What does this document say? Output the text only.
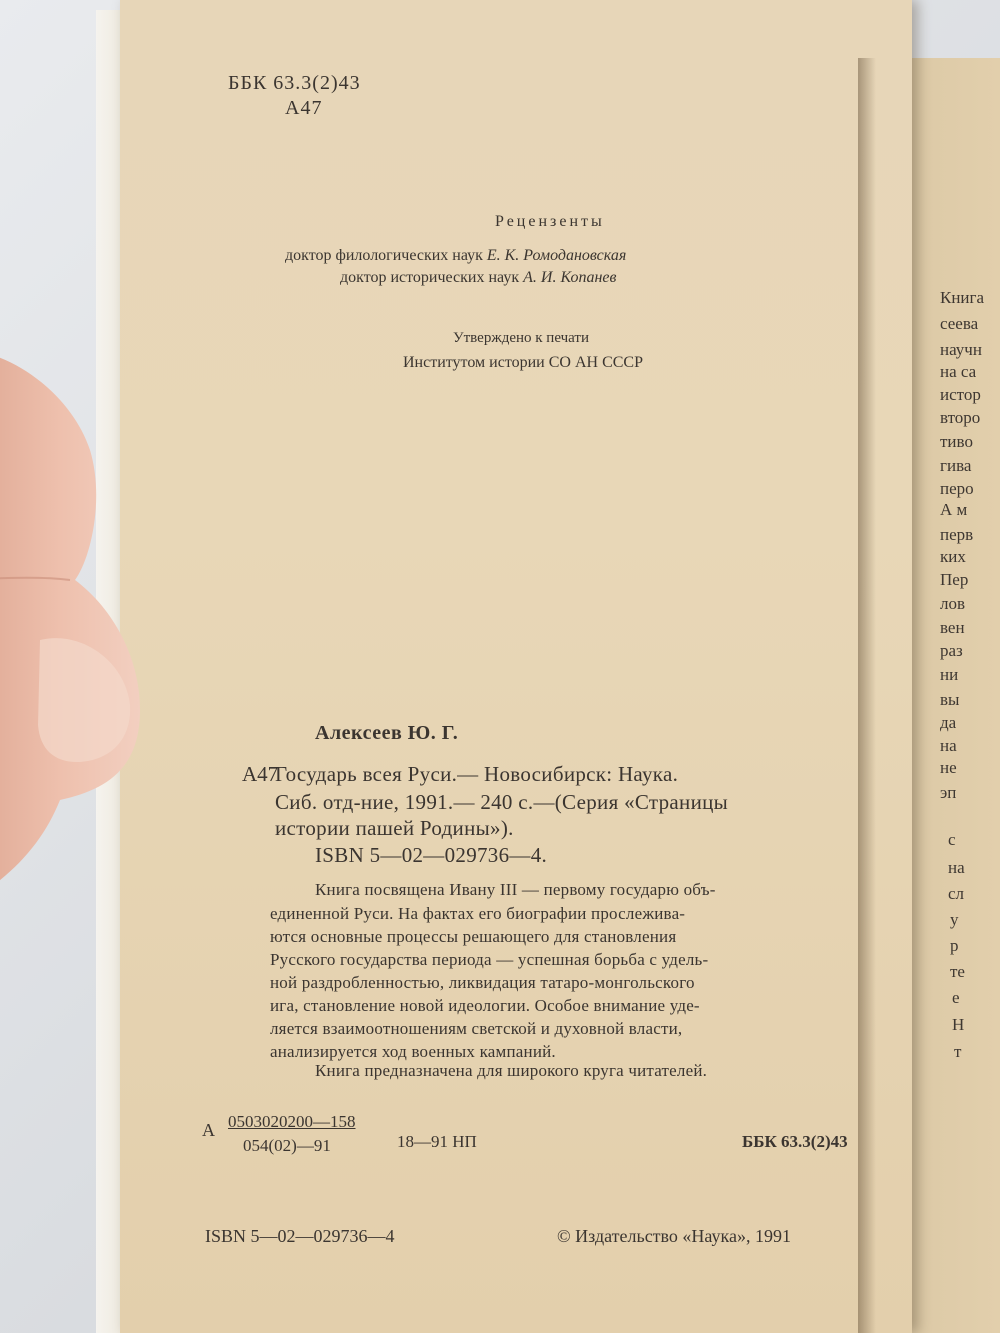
Книга
сеева
научн
на са
истор
второ
тиво
гива
перо
А м
перв
ких
Пер
лов
вен
раз
ни
вы
да
на
не
эп
с
на
сл
у
р
те
е
Н
т
ББК 63.3(2)43
А47
Рецензенты
доктор филологических наук Е. К. Ромодановская
доктор исторических наук А. И. Копанев
Утверждено к печати
Институтом истории СО АН СССР
Алексеев Ю. Г.
А47
Государь всея Руси.— Новосибирск: Наука.
Сиб. отд-ние, 1991.— 240 с.—(Серия «Страницы
истории пашей Родины»).
ISBN 5—02—029736—4.
Книга посвящена Ивану III — первому государю объ-
единенной Руси. На фактах его биографии прослежива-
ются основные процессы решающего для становления
Русского государства периода — успешная борьба с удель-
ной раздробленностью, ликвидация татаро-монгольского
ига, становление новой идеологии. Особое внимание уде-
ляется взаимоотношениям светской и духовной власти,
анализируется ход военных кампаний.
Книга предназначена для широкого круга читателей.
А 0503020200—158
054(02)—91	18—91 НП	ББК 63.3(2)43
ISBN 5—02—029736—4	© Издательство «Наука», 1991
